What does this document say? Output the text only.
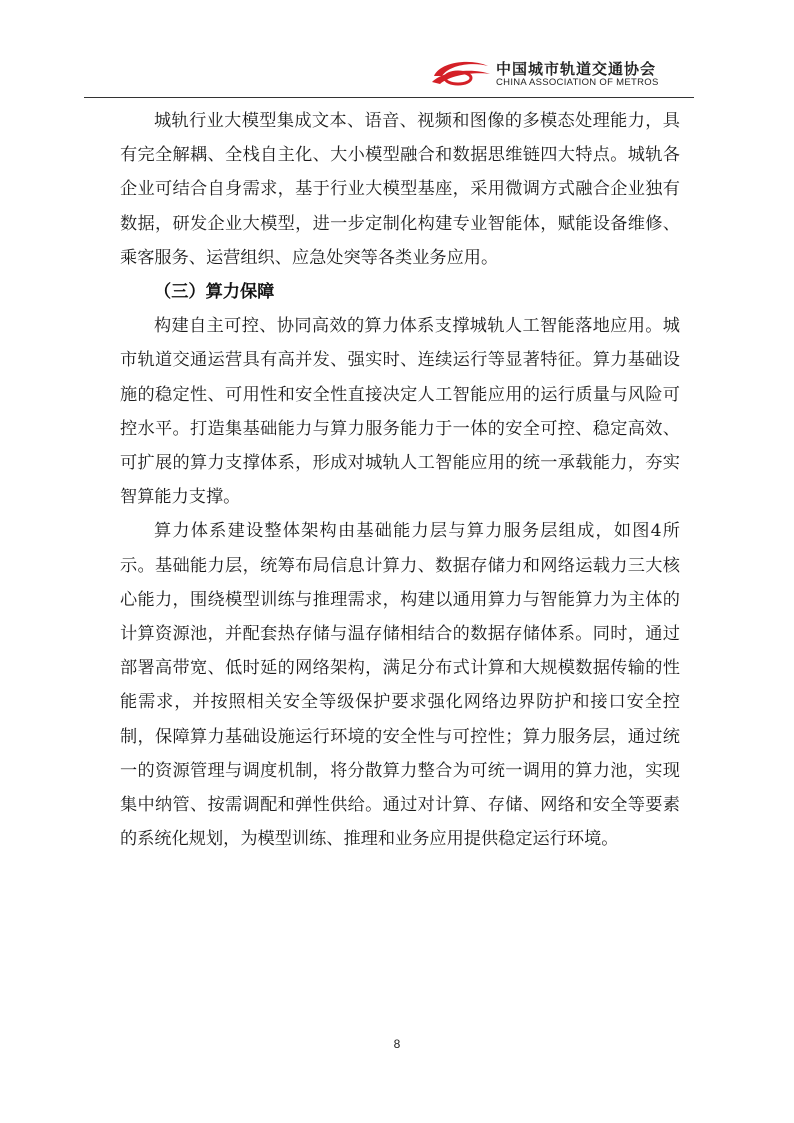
中国城市轨道交通协会
CHINA ASSOCIATION OF METROS

城轨行业大模型集成文本、语音、视频和图像的多模态处理能力，具有完全解耦、全栈自主化、大小模型融合和数据思维链四大特点。城轨各企业可结合自身需求，基于行业大模型基座，采用微调方式融合企业独有数据，研发企业大模型，进一步定制化构建专业智能体，赋能设备维修、乘客服务、运营组织、应急处突等各类业务应用。

（三）算力保障

构建自主可控、协同高效的算力体系支撑城轨人工智能落地应用。城市轨道交通运营具有高并发、强实时、连续运行等显著特征。算力基础设施的稳定性、可用性和安全性直接决定人工智能应用的运行质量与风险可控水平。打造集基础能力与算力服务能力于一体的安全可控、稳定高效、可扩展的算力支撑体系，形成对城轨人工智能应用的统一承载能力，夯实智算能力支撑。

算力体系建设整体架构由基础能力层与算力服务层组成，如图4所示。基础能力层，统筹布局信息计算力、数据存储力和网络运载力三大核心能力，围绕模型训练与推理需求，构建以通用算力与智能算力为主体的计算资源池，并配套热存储与温存储相结合的数据存储体系。同时，通过部署高带宽、低时延的网络架构，满足分布式计算和大规模数据传输的性能需求，并按照相关安全等级保护要求强化网络边界防护和接口安全控制，保障算力基础设施运行环境的安全性与可控性；算力服务层，通过统一的资源管理与调度机制，将分散算力整合为可统一调用的算力池，实现集中纳管、按需调配和弹性供给。通过对计算、存储、网络和安全等要素的系统化规划，为模型训练、推理和业务应用提供稳定运行环境。

8
